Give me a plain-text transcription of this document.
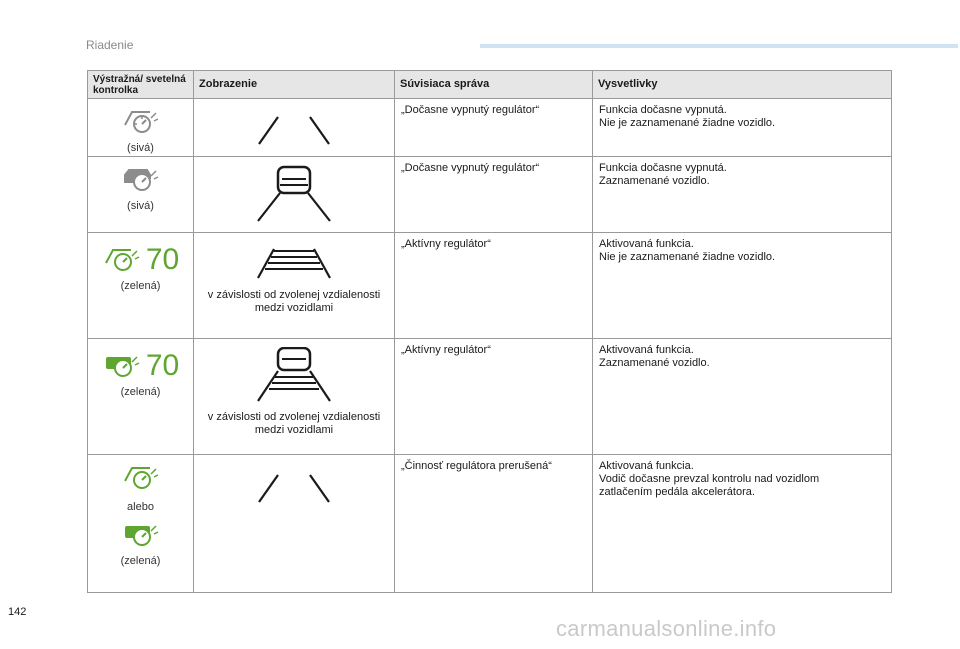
Riadenie
Výstražná/ svetelná kontrolka	Zobrazenie	Súvisiaca správa	Vysvetlivky

(sivá)		„Dočasne vypnutý regulátor“	Funkcia dočasne vypnutá.
Nie je zaznamenané žiadne vozidlo.

(sivá)		„Dočasne vypnutý regulátor“	Funkcia dočasne vypnutá.
Zaznamenané vozidlo.

70
(zelená)	v závislosti od zvolenej vzdialenosti medzi vozidlami	„Aktívny regulátor“	Aktivovaná funkcia.
Nie je zaznamenané žiadne vozidlo.

70
(zelená)	v závislosti od zvolenej vzdialenosti medzi vozidlami	„Aktívny regulátor“	Aktivovaná funkcia.
Zaznamenané vozidlo.

alebo
(zelená)		„Činnosť regulátora prerušená“	Aktivovaná funkcia.
Vodič dočasne prevzal kontrolu nad vozidlom
zatlačením pedála akcelerátora.
142
carmanualsonline.info
